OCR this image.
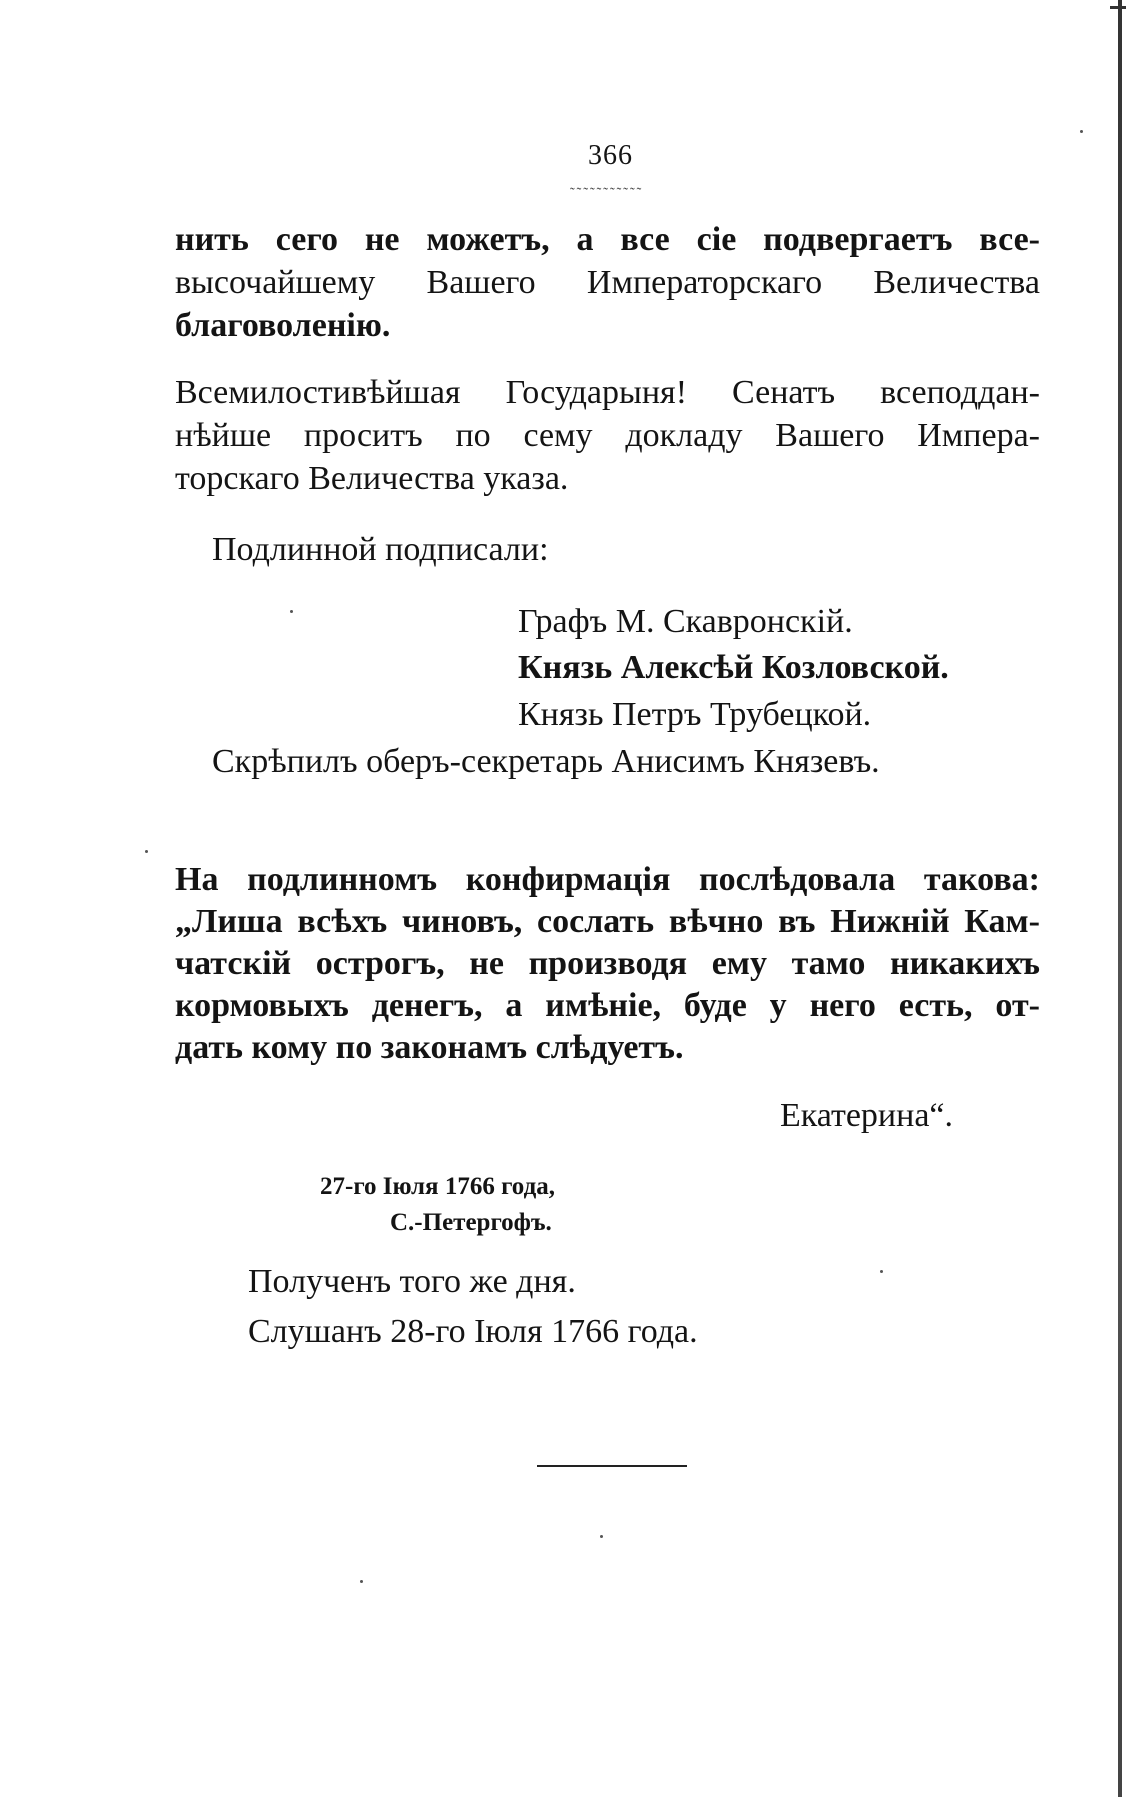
366
˷˷˷˷˷˷˷˷˷˷˷
нить сего не можетъ, а все сіе подвергаетъ все-
высочайшему Вашего Императорскаго Величества
благоволенію.
Всемилостивѣйшая Государыня! Сенатъ всеподдан-
нѣйше проситъ по сему докладу Вашего Импера-
торскаго Величества указа.
Подлинной подписали:
Графъ М. Скавронскій.
Князь Алексѣй Козловской.
Князь Петръ Трубецкой.
Скрѣпилъ оберъ-секретарь Анисимъ Князевъ.
На подлинномъ конфирмація послѣдовала такова:
„Лиша всѣхъ чиновъ, сослать вѣчно въ Нижній Кам-
чатскій острогъ, не производя ему тамо никакихъ
кормовыхъ денегъ, а имѣніе, буде у него есть, от-
дать кому по законамъ слѣдуетъ.
Екатерина“.
27-го Іюля 1766 года,
С.-Петергофъ.
Полученъ того же дня.
Слушанъ 28-го Іюля 1766 года.
